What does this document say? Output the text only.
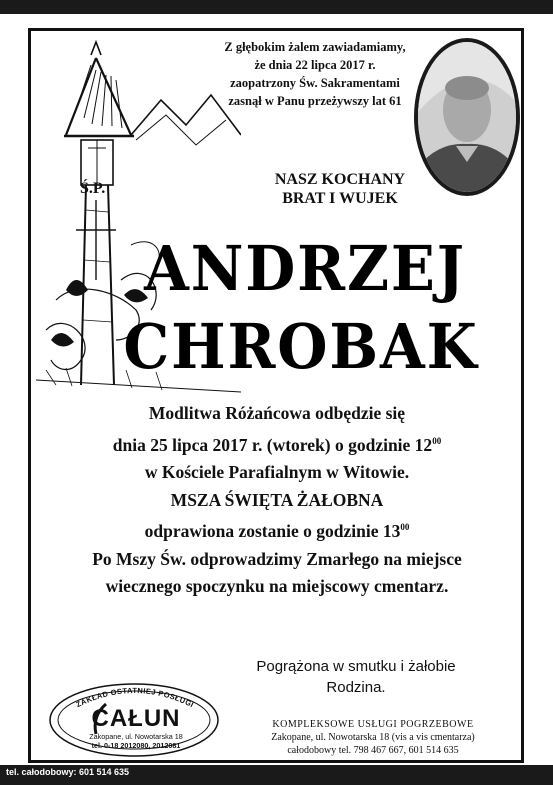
Z głębokim żalem zawiadamiamy,
że dnia 22 lipca 2017 r.
zaopatrzony Św. Sakramentami
zasnął w Panu przeżywszy lat 61
Ś.P.
NASZ KOCHANY
BRAT I WUJEK
ANDRZEJ
CHROBAK
Modlitwa Różańcowa odbędzie się
dnia 25 lipca 2017 r. (wtorek) o godzinie $12^{00}$
w Kościele Parafialnym w Witowie.
MSZA ŚWIĘTA ŻAŁOBNA
odprawiona zostanie o godzinie $13^{00}$
Po Mszy Św. odprowadzimy Zmarłego na miejsce
wiecznego spoczynku na miejscowy cmentarz.
Pogrążona w smutku i żałobie
Rodzina.
ZAKŁAD OSTATNIEJ POSŁUGI
CAŁUN
Zakopane, ul. Nowotarska 18
tel. 0-18 2012080, 2012081
KOMPLEKSOWE USŁUGI POGRZEBOWE
Zakopane, ul. Nowotarska 18 (vis a vis cmentarza)
całodobowy tel. 798 467 667, 601 514 635
tel. całodobowy: 601 514 635
